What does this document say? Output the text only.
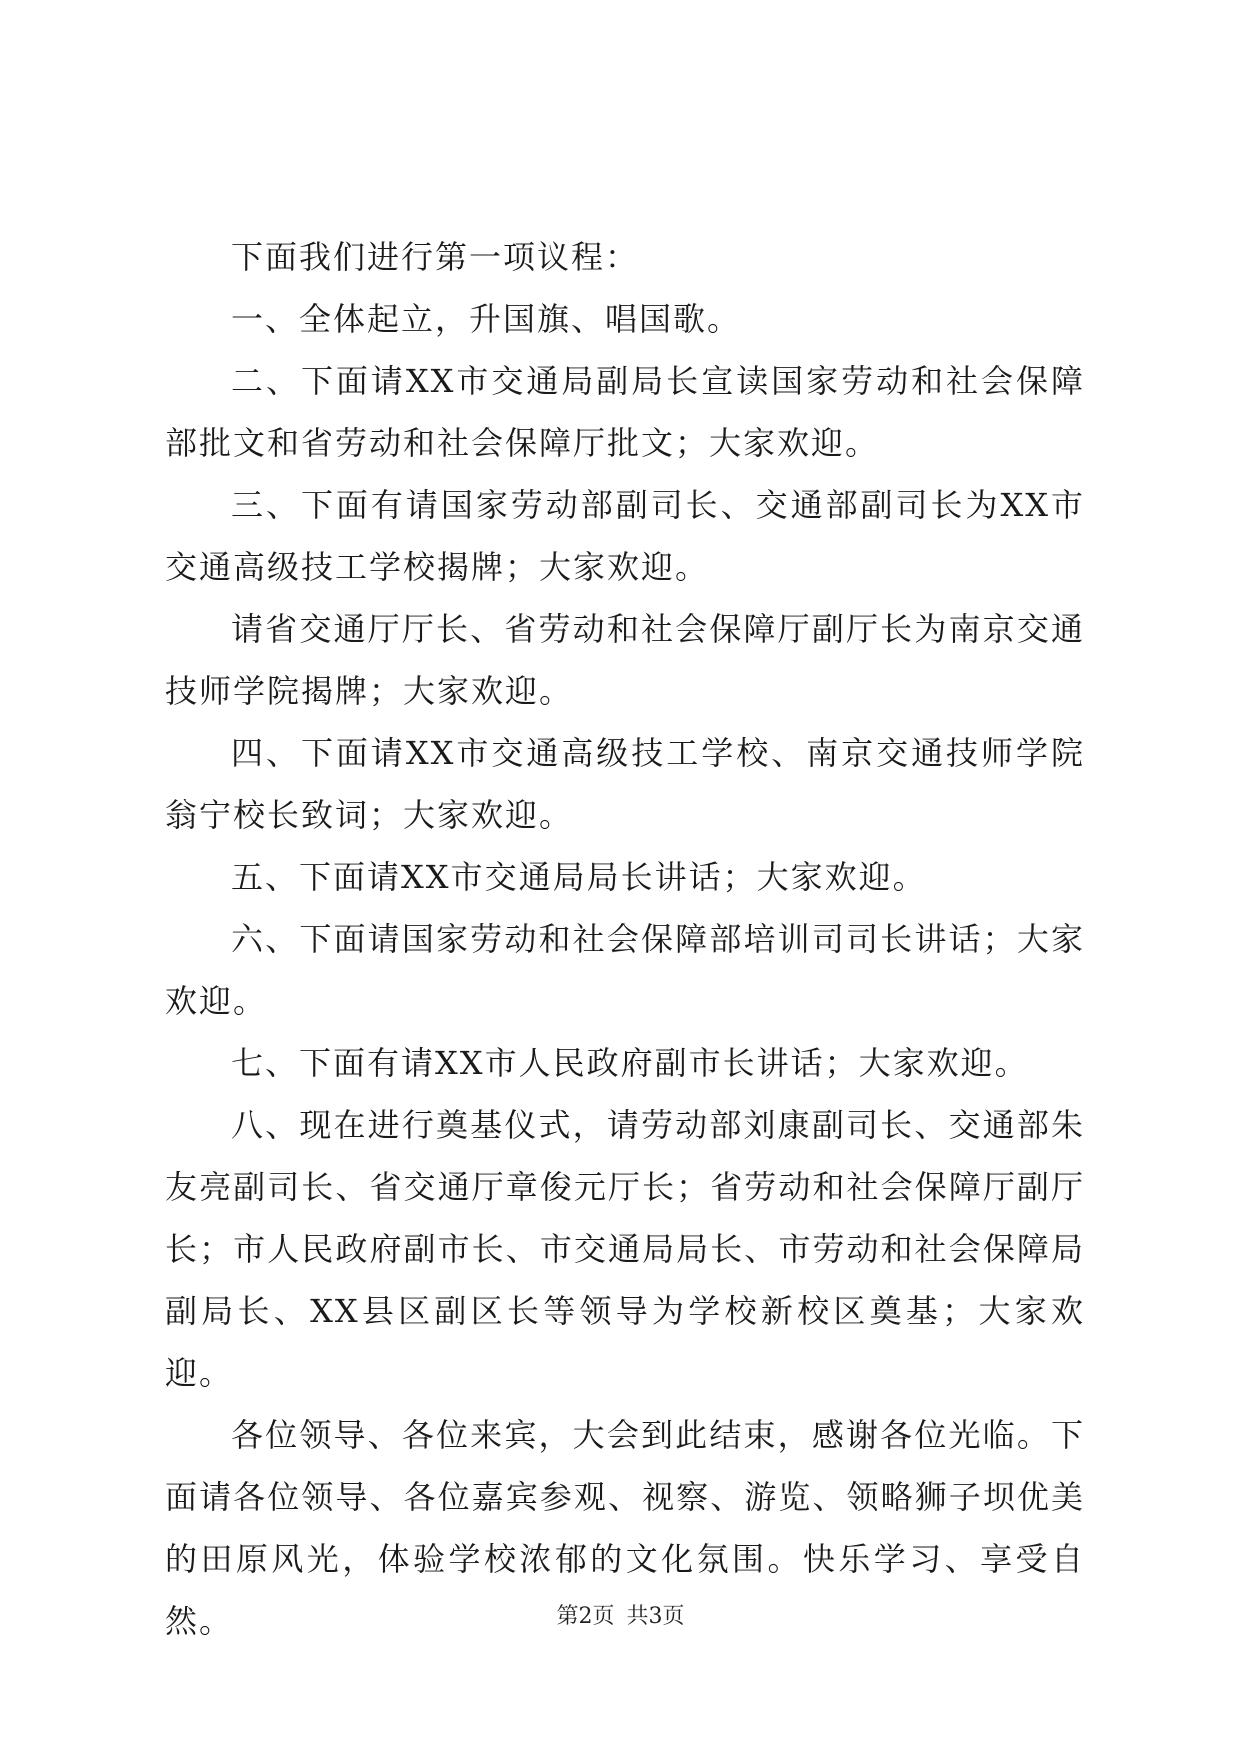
下面我们进行第一项议程：

一、全体起立，升国旗、唱国歌。

二、下面请XX市交通局副局长宣读国家劳动和社会保障部批文和省劳动和社会保障厅批文；大家欢迎。

三、下面有请国家劳动部副司长、交通部副司长为XX市交通高级技工学校揭牌；大家欢迎。

请省交通厅厅长、省劳动和社会保障厅副厅长为南京交通技师学院揭牌；大家欢迎。

四、下面请XX市交通高级技工学校、南京交通技师学院翁宁校长致词；大家欢迎。

五、下面请XX市交通局局长讲话；大家欢迎。

六、下面请国家劳动和社会保障部培训司司长讲话；大家欢迎。

七、下面有请XX市人民政府副市长讲话；大家欢迎。

八、现在进行奠基仪式，请劳动部刘康副司长、交通部朱友亮副司长、省交通厅章俊元厅长；省劳动和社会保障厅副厅长；市人民政府副市长、市交通局局长、市劳动和社会保障局副局长、XX县区副区长等领导为学校新校区奠基；大家欢迎。

各位领导、各位来宾，大会到此结束，感谢各位光临。下面请各位领导、各位嘉宾参观、视察、游览、领略狮子坝优美的田原风光，体验学校浓郁的文化氛围。快乐学习、享受自然。	第2页 共3页
